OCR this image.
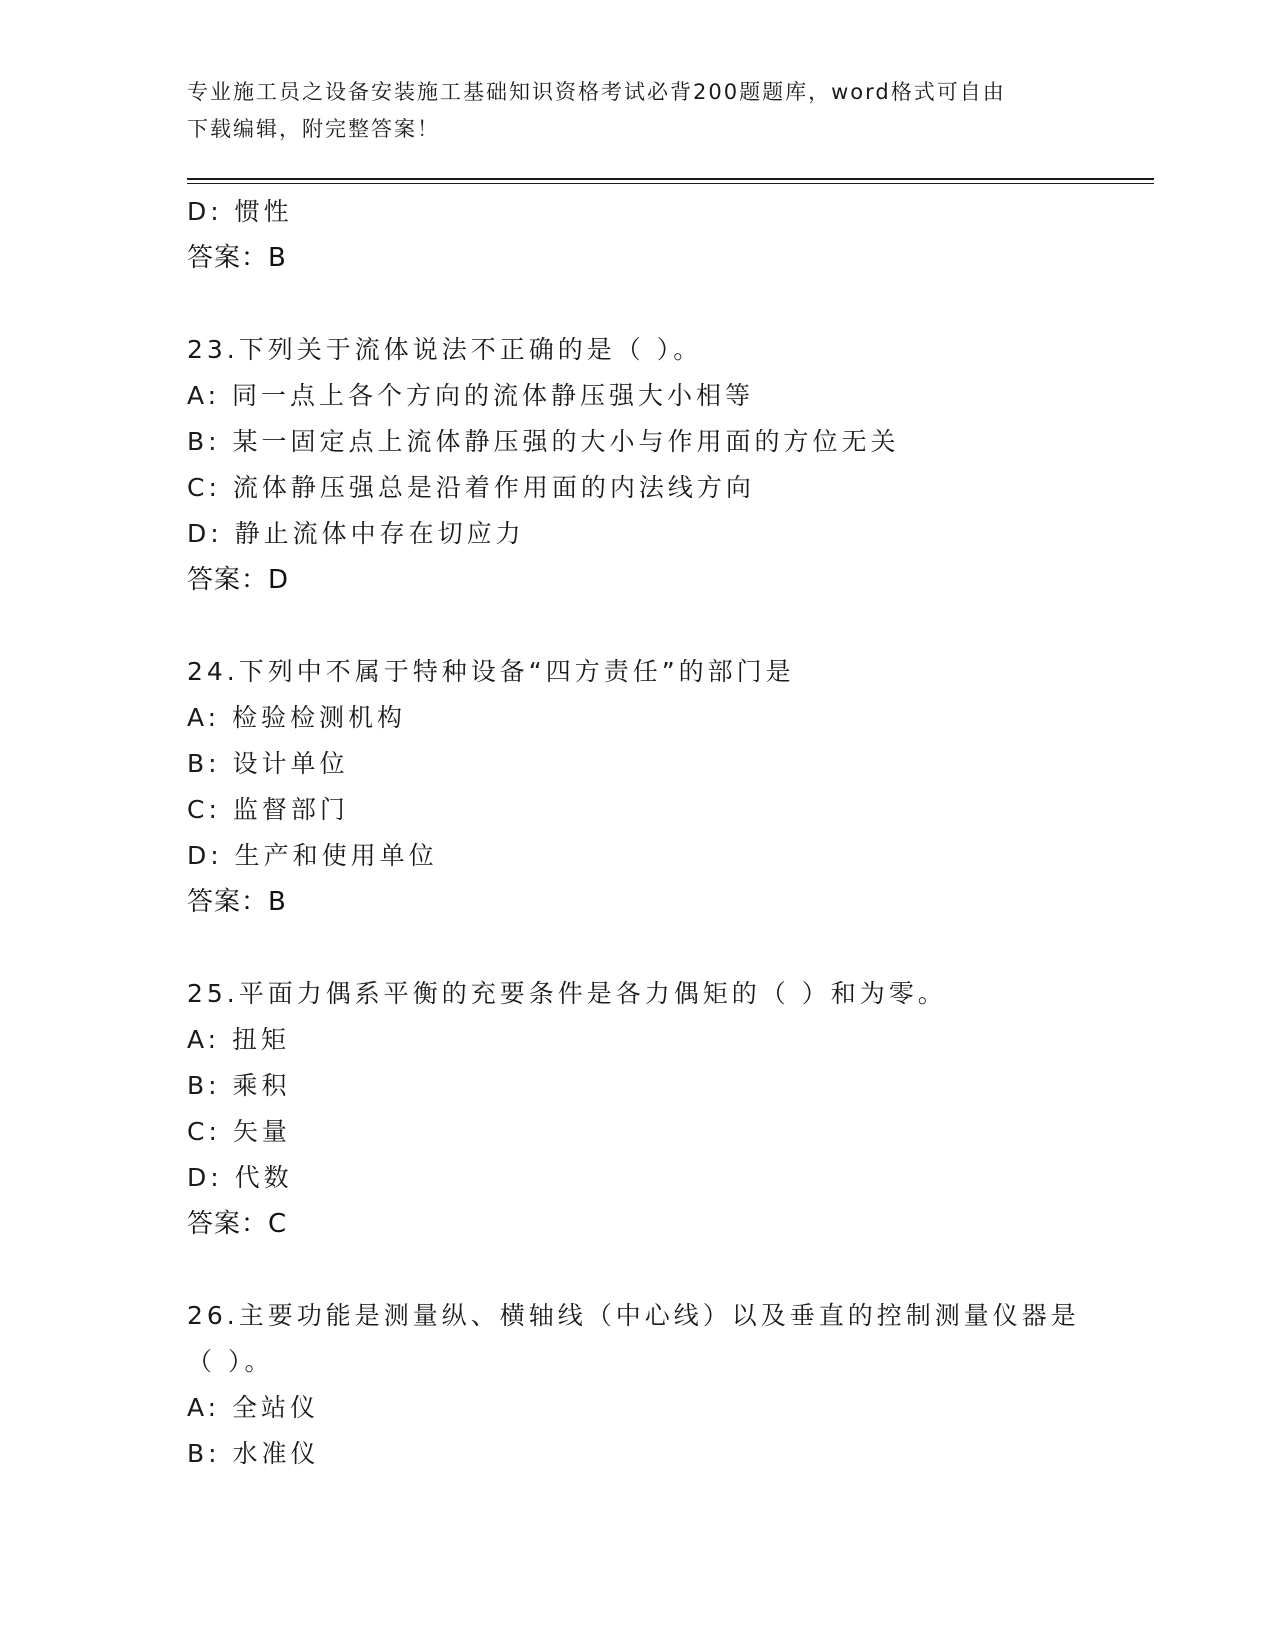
专业施工员之设备安装施工基础知识资格考试必背200题题库，word格式可自由
下载编辑，附完整答案！
D: 惯性
答案：B
23.下列关于流体说法不正确的是（ ）。
A: 同一点上各个方向的流体静压强大小相等
B: 某一固定点上流体静压强的大小与作用面的方位无关
C: 流体静压强总是沿着作用面的内法线方向
D: 静止流体中存在切应力
答案：D
24.下列中不属于特种设备“四方责任”的部门是
A: 检验检测机构
B: 设计单位
C: 监督部门
D: 生产和使用单位
答案：B
25.平面力偶系平衡的充要条件是各力偶矩的（ ）和为零。
A: 扭矩
B: 乘积
C: 矢量
D: 代数
答案：C
26.主要功能是测量纵、横轴线（中心线）以及垂直的控制测量仪器是
（ ）。
A: 全站仪
B: 水准仪
